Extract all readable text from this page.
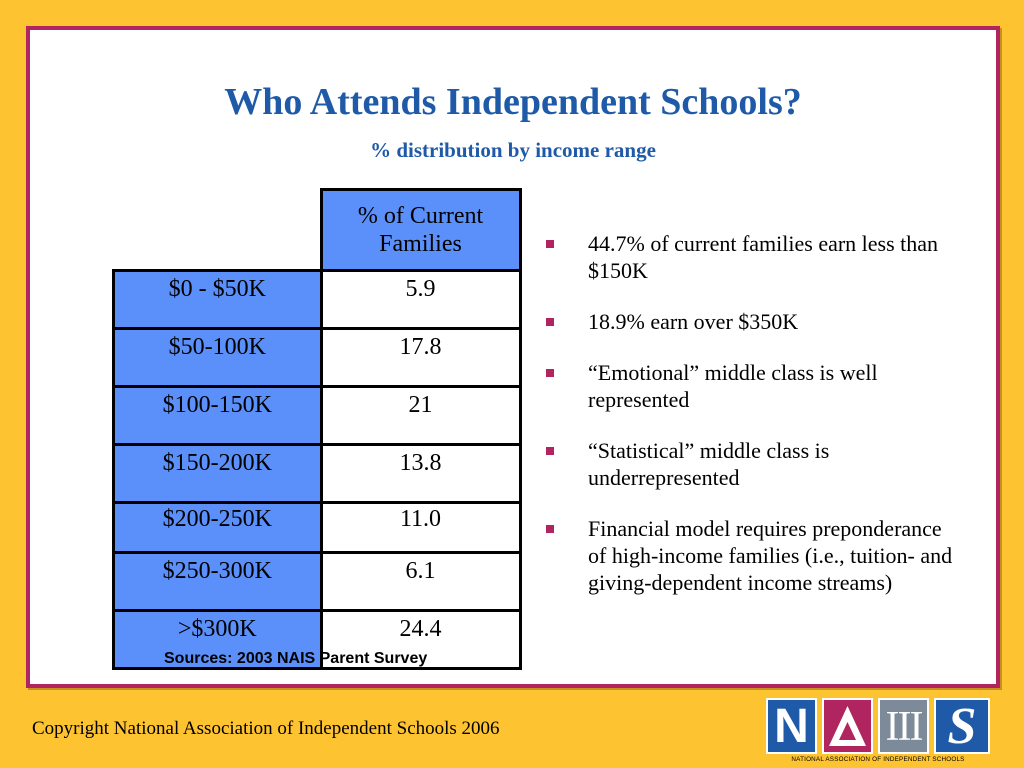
Who Attends Independent Schools?
% distribution by income range
	% of Current
Families
$0 - $50K	5.9
$50-100K	17.8
$100-150K	21
$150-200K	13.8
$200-250K	11.0
$250-300K	6.1
>$300K	24.4
44.7% of current families earn less than $150K
18.9% earn over $350K
“Emotional” middle class is well represented
“Statistical” middle class is underrepresented
Financial model requires preponderance of high-income families (i.e., tuition- and giving-dependent income streams)
Sources: 2003 NAIS Parent Survey
Copyright National Association of Independent Schools 2006	N III S
NATIONAL ASSOCIATION OF INDEPENDENT SCHOOLS
